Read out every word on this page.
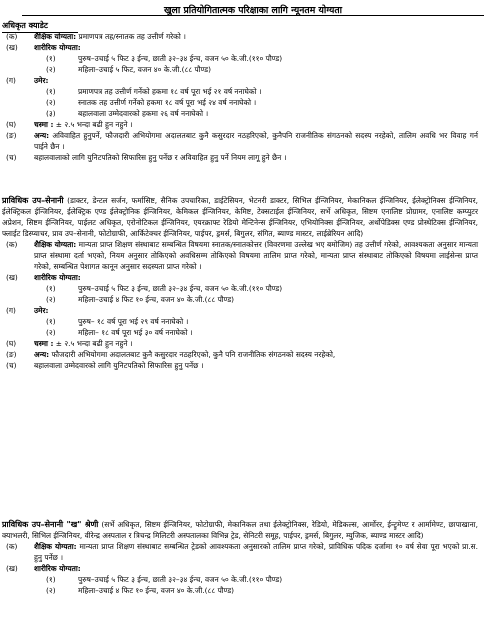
खुला प्रतियोगितात्मक परिक्षाका लागि न्यूनतम योग्यता
अधिकृत क्याडेट
(क)	शैक्षिक योग्यता: प्रमाणपत्र तह/स्नातक तह उत्तीर्ण गरेको ।
(ख)	शारीरिक योग्यता:
(१)	पुरुष–उचाई ५ फिट ३ ईन्च, छाती ३२–३४ ईन्च, वजन ५० के.जी.(११० पौण्ड)
(२)	महिला–उचाई ५ फिट, वजन ४० के.जी.(८८ पौण्ड)
(ग)	उमेर:
(१)	प्रमाणपत्र तह उत्तीर्ण गर्नेको हकमा १८ वर्ष पूरा भई २१ वर्ष ननाघेको ।
(२)	स्नातक तह उत्तीर्ण गर्नेको हकमा १८ वर्ष पूरा भई २४ वर्ष ननाघेको ।
(३)	बहालवाला उम्मेदवारको हकमा २६ वर्ष ननाघेको ।
(घ)	चस्मा : ± २.५ भन्दा बढी हुन नहुने ।
(ङ)	अन्य: अविवाहित हुनुपर्ने, फौजदारी अभियोगमा अदालतबाट कुनै कसुरदार नठहरिएको, कुनैपनि राजनीतिक संगठनको सदस्य नरहेको, तालिम अवधि भर विवाह गर्न पाईने छैन ।
(च)	बहालवालाको लागि युनिटपतिको सिफारिस हुनु पर्नेछ र अविवाहित हुनु पर्ने नियम लागू हुने छैन ।
प्राविधिक उप–सेनानी (डाक्टर, डेन्टल सर्जन, फर्मासिष्ट, सैनिक उपचारिका, डाईटेसियन, भेटनरी डाक्टर, सिभिल ईन्जिनियर, मेकानिकल ईन्जिनियर, ईलेक्ट्रोनिक्स ईन्जिनियर, ईलेक्ट्रिकल ईन्जिनियर, ईलेक्ट्रिक एण्ड ईलेक्ट्रोनिक ईन्जिनियर, केमिकल ईन्जिनियर, केमिष्ट, टेक्सटाईल ईन्जिनियर, सर्भे अधिकृत, सिष्टम एनालिष्ट प्रोग्रामर, एनालिष्ट कम्प्युटर अप्रेशन, सिष्टम ईन्जिनियर, पाईलट अधिकृत, एरोनोटिकल ईन्जिनियर, एयरक्राफ्ट रेडियो मेन्टिनेन्स ईन्जिनियर, एभियोनिक्स ईन्जिनियर, अर्थोपेडिक्स एण्ड प्रोस्थेटिक्स ईन्जिनियर, फ्लाईट डिस्प्याचर, प्राव उप–सेनानी, फोटोग्राफी, आर्किटेक्चर ईन्जिनियर, पाईपर, ड्रमर्स, बिगुलर, संगित, ब्याण्ड मास्टर, लाईब्रेरियन आदि)
(क)	शैक्षिक योग्यता: मान्यता प्राप्त शिक्षण संस्थाबाट सम्बन्धित विषयमा स्नातक/स्नातकोत्तर (विवरणमा उल्लेख भए बमोजिम) तह उत्तीर्ण गरेको, आवश्यकता अनुसार मान्यता प्राप्त संस्थामा दर्ता भएको, नियम अनुसार तोकिएको अवधिसम्म तोकिएको विषयमा तालिम प्राप्त गरेको, मान्यता प्राप्त संस्थाबाट तोकिएको विषयमा लाईसेन्स प्राप्त गरेको, सम्बन्धित पेशागत कानून अनुसार सदस्यता प्राप्त गरेको ।
(ख)	शारीरिक योग्यता:
(१)	पुरुष–उचाई ५ फिट ३ ईन्च, छाती ३२–३४ ईन्च, वजन ५० के.जी.(११० पौण्ड)
(२)	महिला–उचाई ४ फिट १० ईन्च, वजन ४० के.जी.(८८ पौण्ड)
(ग)	उमेर:
(१)	पुरुष– १८ वर्ष पूरा भई २९ वर्ष ननाघेको ।
(२)	महिला– १८ वर्ष पूरा भई ३० वर्ष ननाघेको ।
(घ)	चस्मा : ± २.५ भन्दा बढी हुन नहुने ।
(ङ)	अन्य: फौजदारी अभियोगमा अदालतबाट कुनै कसुरदार नठहरिएको, कुनै पनि राजनीतिक संगठनको सदस्य नरहेको,
(च)	बहालवाला उम्मेदवारको लागि युनिटपतिको सिफारिस हुनु पर्नेछ ।
प्राविधिक उप–सेनानी "ख" श्रेणी (सर्भे अधिकृत, सिष्टम ईन्जिनियर, फोटोग्राफी, मेकानिकल तथा ईलेक्ट्रोनिक्स, रेडियो, मेडिकल्स, आर्मोरर, ईन्ट्रुमेण्ट र आर्मामेण्ट, छापाखाना, क्याभलरी, सिभिल ईन्जिनियर, वीरेन्द्र अस्पताल र त्रिचन्द्र मिलिटरी अस्पतालका विभिन्न ट्रेड, सेनिटरी समूह, पाईपर, ड्रमर्स, बिगुलर, म्युजिक, ब्याण्ड मास्टर आदि)
(क)	शैक्षिक योग्यता: मान्यता प्राप्त शिक्षण संस्थाबाट सम्बन्धित ट्रेडको आवश्यकता अनुसारको तालिम प्राप्त गरेको, प्राविधिक पदिक दर्जामा १० वर्ष सेवा पूरा भएको प्रा.स. हुनु पर्नेछ ।
(ख)	शारीरिक योग्यता:
(१)	पुरुष–उचाई ५ फिट ३ ईन्च, छाती ३२–३४ ईन्च, वजन ५० के.जी.(११० पौण्ड)
(२)	महिला–उचाई ४ फिट १० ईन्च, वजन ४० के.जी.(८८ पौण्ड)
